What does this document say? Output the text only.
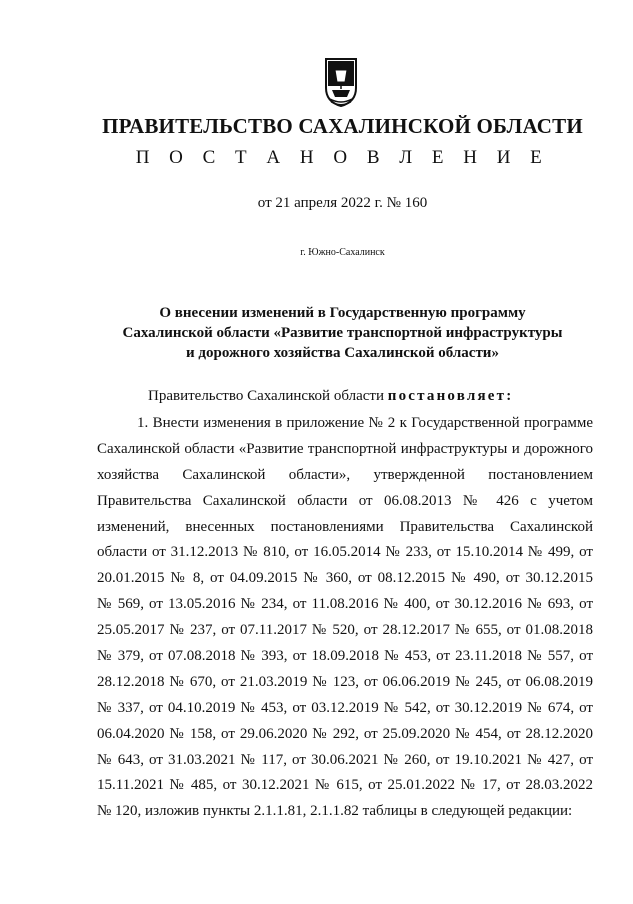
ПРАВИТЕЛЬСТВО САХАЛИНСКОЙ ОБЛАСТИ
П О С Т А Н О В Л Е Н И Е
от 21 апреля 2022 г. № 160
г. Южно-Сахалинск
О внесении изменений в Государственную программу
Сахалинской области «Развитие транспортной инфраструктуры
и дорожного хозяйства Сахалинской области»
Правительство Сахалинской области постановляет:
1. Внести изменения в приложение № 2 к Государственной программе
Сахалинской области «Развитие транспортной инфраструктуры и дорожного
хозяйства Сахалинской области», утвержденной постановлением
Правительства Сахалинской области от 06.08.2013 № 426 с учетом
изменений, внесенных постановлениями Правительства Сахалинской
области от 31.12.2013 № 810, от 16.05.2014 № 233, от 15.10.2014 № 499, от
20.01.2015 № 8, от 04.09.2015 № 360, от 08.12.2015 № 490, от 30.12.2015
№ 569, от 13.05.2016 № 234, от 11.08.2016 № 400, от 30.12.2016 № 693, от
25.05.2017 № 237, от 07.11.2017 № 520, от 28.12.2017 № 655, от 01.08.2018
№ 379, от 07.08.2018 № 393, от 18.09.2018 № 453, от 23.11.2018 № 557, от
28.12.2018 № 670, от 21.03.2019 № 123, от 06.06.2019 № 245, от 06.08.2019
№ 337, от 04.10.2019 № 453, от 03.12.2019 № 542, от 30.12.2019 № 674, от
06.04.2020 № 158, от 29.06.2020 № 292, от 25.09.2020 № 454, от 28.12.2020
№ 643, от 31.03.2021 № 117, от 30.06.2021 № 260, от 19.10.2021 № 427, от
15.11.2021 № 485, от 30.12.2021 № 615, от 25.01.2022 № 17, от 28.03.2022
№ 120, изложив пункты 2.1.1.81, 2.1.1.82 таблицы в следующей редакции:
